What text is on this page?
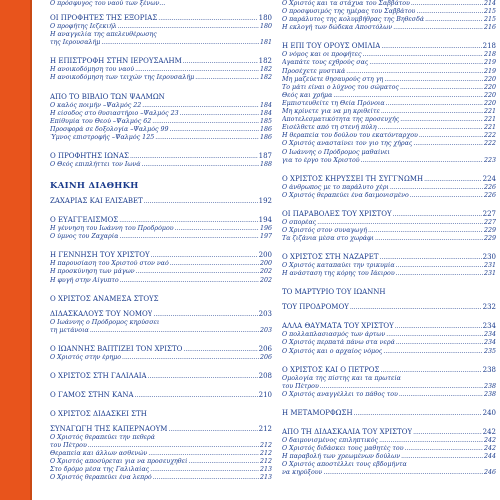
Ο πρόσφυγος του ναού των ξένων...
ΟΙ ΠΡΟΦΗΤΕΣ ΤΗΣ ΕΞΟΡΙΑΣ .....	180
Ο προφήτης Ιεζεκιήλ .....	180
Η αναγγελία της απελευθέρωσης
της Ιερουσαλήμ .....	181
Η ΕΠΙΣΤΡΟΦΗ ΣΤΗΝ ΙΕΡΟΥΣΑΛΗΜ .....	182
Η ανοικοδόμηση του ναού .....	182
Η ανοικοδόμηση των τειχών της Ιερουσαλήμ .....	182
ΑΠΟ ΤΟ ΒΙΒΛΙΟ ΤΩΝ ΨΑΛΜΩΝ
Ο καλός ποιμήν –Ψαλμός 22 .....	184
Η είσοδος στο θυσιαστήριο –Ψαλμός 23 .....	184
Επίθυμία του Θεού –Ψαλμός 62 .....	185
Προσφορά σε δοξολογία –Ψαλμός 99 .....	186
Ύμνος επιστροφής –Ψαλμός 125 .....	186
Ο ΠΡΟΦΗΤΗΣ ΙΩΝΑΣ .....	187
Ο Θεός επιπλήττει τον Ιωνά .....	188
ΚΑΙΝΗ ΔΙΑΘΗΚΗ
ΖΑΧΑΡΙΑΣ ΚΑΙ ΕΛΙΣΑΒΕΤ .....	192
Ο ΕΥΑΓΓΕΛΙΣΜΟΣ .....	194
Η γέννηση του Ιωάννη του Προδρόμου .....	196
Ο ύμνος του Ζαχαρία .....	197
Η ΓΕΝΝΗΣΗ ΤΟΥ ΧΡΙΣΤΟΥ .....	200
Η παρουσίαση του Χριστού στον ναό .....	200
Η προσκύνηση των μάγων .....	202
Η φυγή στην Αίγυπτο .....	202
Ο ΧΡΙΣΤΟΣ ΑΝΑΜΕΣΑ ΣΤΟΥΣ
ΔΙΔΑΣΚΑΛΟΥΣ ΤΟΥ ΝΟΜΟΥ .....	203
Ο Ιωάννης ο Πρόδρομος κηρύσσει
τη μετάνοια .....	203
Ο ΙΩΑΝΝΗΣ ΒΑΠΤΙΖΕΙ ΤΟΝ ΧΡΙΣΤΟ .....	206
Ο Χριστός στην έρημο .....	206
Ο ΧΡΙΣΤΟΣ ΣΤΗ ΓΑΛΙΛΑΙΑ .....	208
Ο ΓΑΜΟΣ ΣΤΗΝ ΚΑΝΑ .....	210
Ο ΧΡΙΣΤΟΣ ΔΙΔΑΣΚΕΙ ΣΤΗ
ΣΥΝΑΓΩΓΗ ΤΗΣ ΚΑΠΕΡΝΑΟΥΜ .....	212
Ο Χριστός θεραπεύει την πεθερά
του Πέτρου .....	212
Θεραπεία και άλλων ασθενών .....	212
Ο Χριστός αποσύρεται για να προσευχηθεί .....	212
Στο δρόμο μέσα της Γαλιλαίας .....	213
Ο Χριστός θεραπεύει ένα λεπρό .....	213
Ο Χριστός και τα στάχυα του Σαββάτου .....	214
Ο προσφυσιμός της ημέρας του Σαββάτου .....	215
Ο παράλυτος της κολυμβήθρας της Βηθεσδά .....	215
Η εκλογή των δώδεκα Αποστόλων .....	216
Η ΕΠΙ ΤΟΥ ΟΡΟΥΣ ΟΜΙΛΙΑ .....	218
Ο νόμος και οι προφήτες .....	218
Αγαπάτε τους εχθρούς σας .....	219
Προσέχετε μυστικά .....	219
Μη μαζεύετε θησαυρούς στη γη .....	220
Το μάτι είναι ο λύχνος του σώματος .....	220
Θεός και χρήμα .....	220
Εμπιστευθείτε τη Θεία Πρόνοια .....	220
Μη κρίνετε για να μη κριθείτε .....	221
Αποτελεσματικότητα της προσευχής .....	221
Εισέλθετε από τη στενή πύλη .....	221
Η θεραπεία του δούλου του εκατόνταρχου .....	222
Ο Χριστός ανασταίνει τον γιο της χήρας .....	222
Ο Ιωάννης ο Πρόδρομος μαθαίνει
για το έργο του Χριστού .....	223
Ο ΧΡΙΣΤΟΣ ΚΗΡΥΣΣΕΙ ΤΗ ΣΥΓΓΝΩΜΗ .....	224
Ο άνθρωπος με το παράλυτο χέρι .....	226
Ο Χριστός θεραπεύει ένα δαιμονισμένο .....	226
ΟΙ ΠΑΡΑΒΟΛΕΣ ΤΟΥ ΧΡΙΣΤΟΥ .....	227
Ο σπορέας .....	227
Ο Χριστός στον συναγωγή .....	229
Τα ζιζάνια μέσα στο χωράφι .....	229
Ο ΧΡΙΣΤΟΣ ΣΤΗ ΝΑΖΑΡΕΤ .....	230
Ο Χριστός καταπαύει την τρικυμία .....	231
Η ανάσταση της κόρης του Ιάειρου .....	231
ΤΟ ΜΑΡΤΥΡΙΟ ΤΟΥ ΙΩΑΝΝΗ
ΤΟΥ ΠΡΟΔΡΟΜΟΥ .....	232
ΑΛΛΑ ΘΑΥΜΑΤΑ ΤΟΥ ΧΡΙΣΤΟΥ .....	234
Ο πολλαπλασιασμός των άρτων .....	234
Ο Χριστός περπατά πάνω στα νερά .....	234
Ο Χριστός και ο αρχαίος νόμος .....	235
Ο ΧΡΙΣΤΟΣ ΚΑΙ Ο ΠΕΤΡΟΣ .....	238
Ομολογία της πίστης και τα πρωτεία
του Πέτρου .....	238
Ο Χριστός αναγγέλλει το πάθος του .....	238
Η ΜΕΤΑΜΟΡΦΩΣΗ .....	240
ΑΠΟ ΤΗ ΔΙΔΑΣΚΑΛΙΑ ΤΟΥ ΧΡΙΣΤΟΥ .....	242
Ο δαιμονισμένος επιληπτικός .....	242
Ο Χριστός διδάσκει τους μαθητές του .....	242
Η παραβολή των χρεωμένων δούλων .....	244
Ο Χριστός αποστέλλει τους εβδομήντα
να κηρύξουν .....	246
